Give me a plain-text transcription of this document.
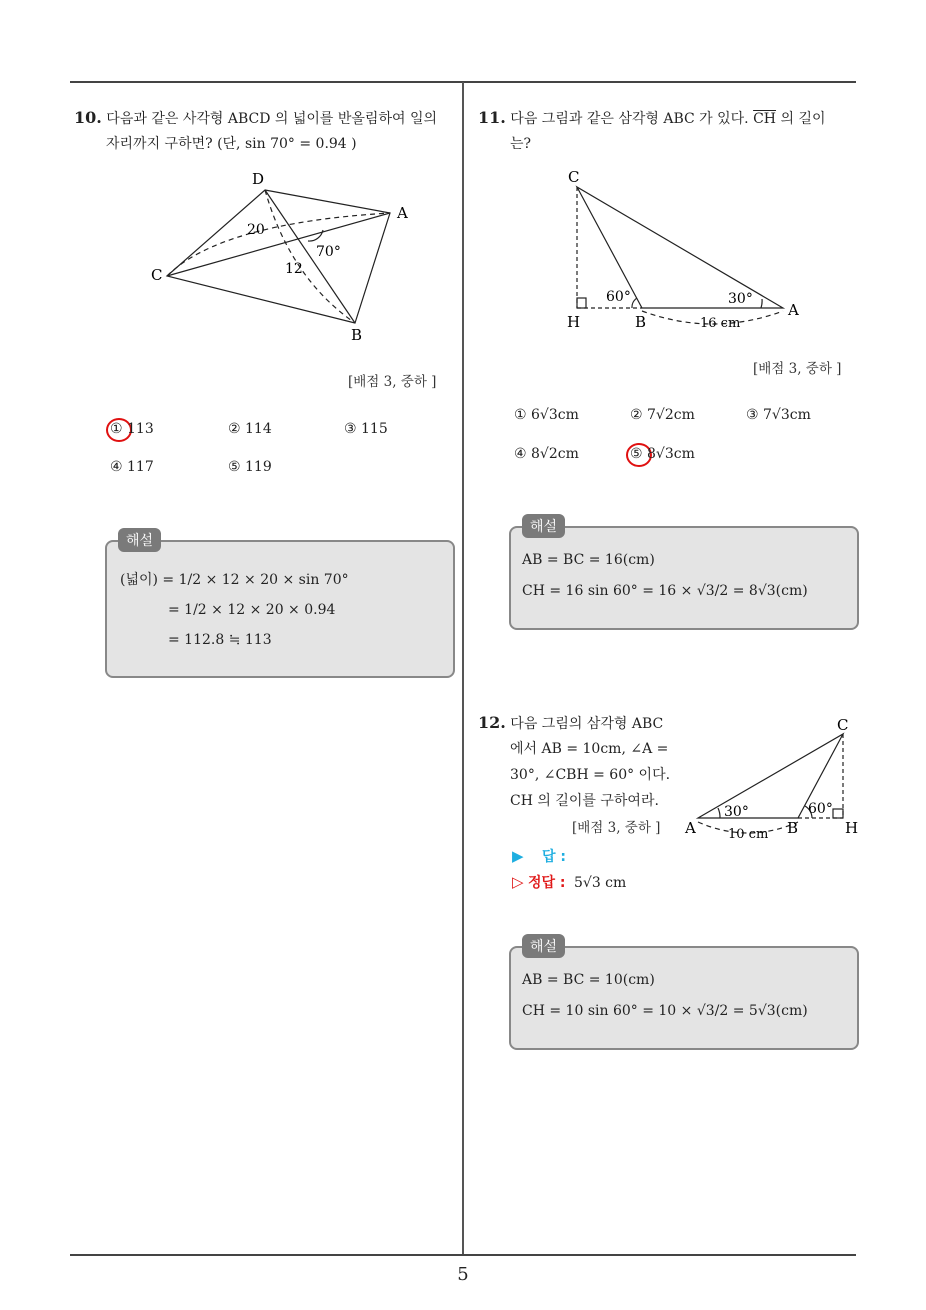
5
10. 다음과 같은 사각형 ABCD 의 넓이를 반올림하여 일의
자리까지 구하면? (단, sin 70° = 0.94 )
D
A
C
B
20
12
70°
[배점 3, 중하 ]
① 113	② 114	③ 115
④ 117	⑤ 119
해설
(넓이) = 1/2 × 12 × 20 × sin 70°
= 1/2 × 12 × 20 × 0.94
= 112.8 ≒ 113
11. 다음 그림과 같은 삼각형 ABC 가 있다. $\overline{CH}$ 의 길이
는?
C
H	B
A
60°	30°
16 cm
[배점 3, 중하 ]
① 6√3cm	② 7√2cm	③ 7√3cm
④ 8√2cm	⑤ 8√3cm
해설
AB = BC = 16(cm)
CH = 16 sin 60° = 16 × √3/2 = 8√3(cm)
12. 다음 그림의 삼각형 ABC
에서 AB = 10cm, ∠A =
30°, ∠CBH = 60° 이다.
CH 의 길이를 구하여라.
[배점 3, 중하 ]
C
A	B	H
30°	60°
10 cm
▶ 답 :
▷ 정답 : 5√3 cm
해설
AB = BC = 10(cm)
CH = 10 sin 60° = 10 × √3/2 = 5√3(cm)
